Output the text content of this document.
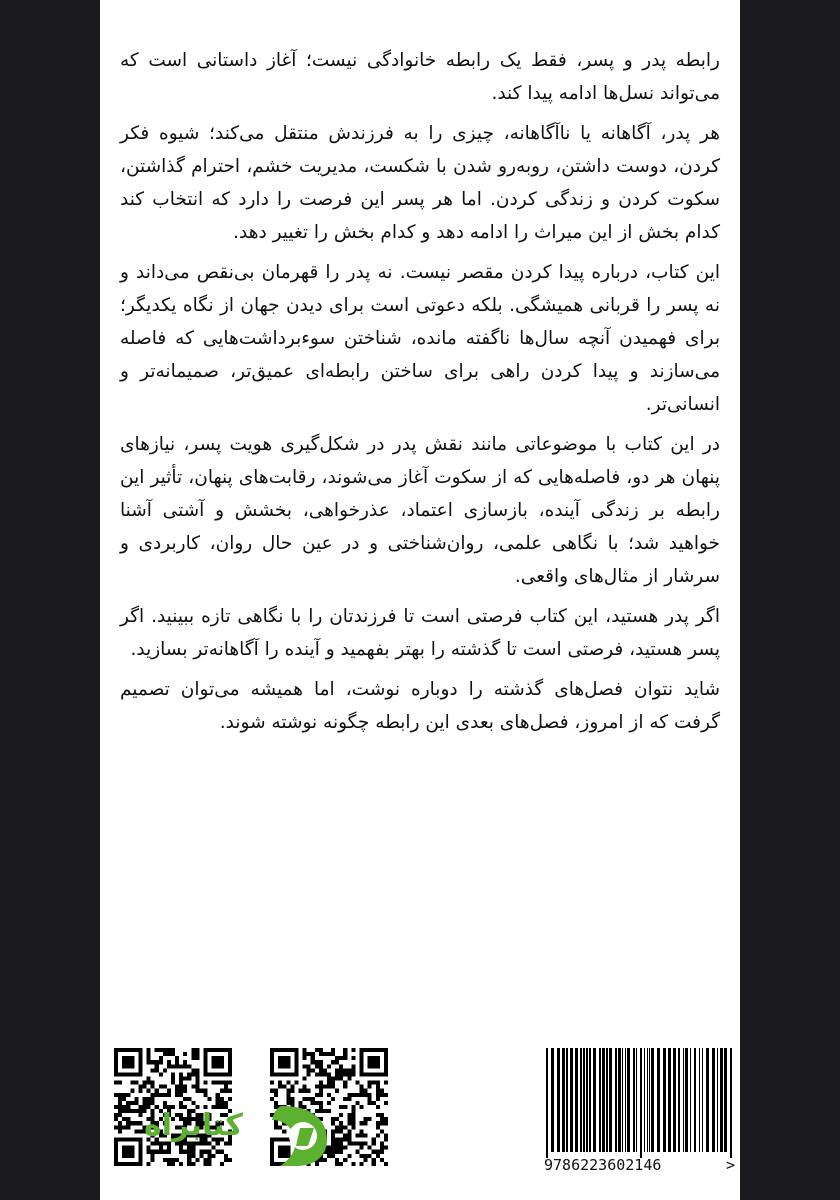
رابطه پدر و پسر، فقط یک رابطه خانوادگی نیست؛ آغاز داستانی است که می‌تواند نسل‌ها ادامه پیدا کند.

هر پدر، آگاهانه یا ناآگاهانه، چیزی را به فرزندش منتقل می‌کند؛ شیوه فکر کردن، دوست داشتن، روبه‌رو شدن با شکست، مدیریت خشم، احترام گذاشتن، سکوت کردن و زندگی کردن. اما هر پسر این فرصت را دارد که انتخاب کند کدام بخش از این میراث را ادامه دهد و کدام بخش را تغییر دهد.

این کتاب، درباره پیدا کردن مقصر نیست. نه پدر را قهرمان بی‌نقص می‌داند و نه پسر را قربانی همیشگی. بلکه دعوتی است برای دیدن جهان از نگاه یکدیگر؛ برای فهمیدن آنچه سال‌ها ناگفته مانده، شناختن سوءبرداشت‌هایی که فاصله می‌سازند و پیدا کردن راهی برای ساختن رابطه‌ای عمیق‌تر، صمیمانه‌تر و انسانی‌تر.

در این کتاب با موضوعاتی مانند نقش پدر در شکل‌گیری هویت پسر، نیازهای پنهان هر دو، فاصله‌هایی که از سکوت آغاز می‌شوند، رقابت‌های پنهان، تأثیر این رابطه بر زندگی آینده، بازسازی اعتماد، عذرخواهی، بخشش و آشتی آشنا خواهید شد؛ با نگاهی علمی، روان‌شناختی و در عین حال روان، کاربردی و سرشار از مثال‌های واقعی.

اگر پدر هستید، این کتاب فرصتی است تا فرزندتان را با نگاهی تازه ببینید. اگر پسر هستید، فرصتی است تا گذشته را بهتر بفهمید و آینده را آگاهانه‌تر بسازید.

شاید نتوان فصل‌های گذشته را دوباره نوشت، اما همیشه می‌توان تصمیم گرفت که از امروز، فصل‌های بعدی این رابطه چگونه نوشته شوند.

کتابراه
9786223602146	>
